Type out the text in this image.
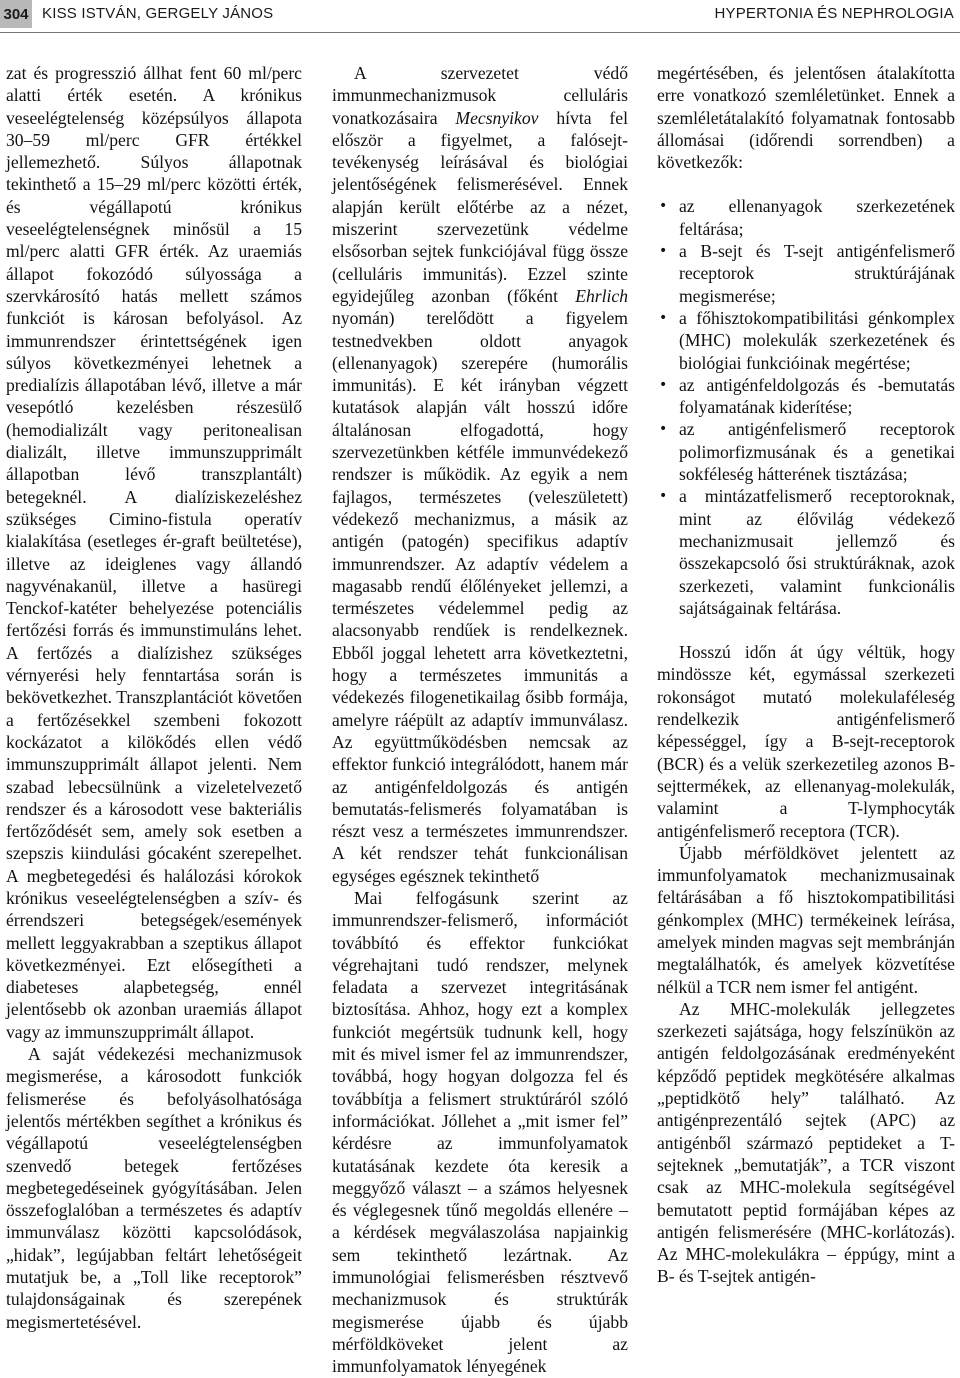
304 KISS ISTVÁN, GERGELY JÁNOS	HYPERTONIA ÉS NEPHROLOGIA

zat és progresszió állhat fent 60 ml/perc alatti érték esetén. A krónikus veseelégtelenség középsúlyos állapota 30–59 ml/perc GFR értékkel jellemezhető. Súlyos állapotnak tekinthető a 15–29 ml/perc közötti érték, és végállapotú krónikus veseelégtelenségnek minősül a 15 ml/perc alatti GFR érték. Az uraemiás állapot fokozódó súlyossága a szervkárosító hatás mellett számos funkciót is károsan befolyásol. Az immunrendszer érintettségének igen súlyos következményei lehetnek a predialízis állapotában lévő, illetve a már vesepótló kezelésben részesülő (hemodializált vagy peritonealisan dializált, illetve immunszupprimált állapotban lévő transzplantált) betegeknél. A dialíziskezeléshez szükséges Cimino-fistula operatív kialakítása (esetleges ér-graft beültetése), illetve az ideiglenes vagy állandó nagyvénakanül, illetve a hasüregi Tenckof-katéter behelyezése potenciális fertőzési forrás és immunstimuláns lehet. A fertőzés a dialízishez szükséges vérnyerési hely fenntartása során is bekövetkezhet. Transzplantációt követően a fertőzésekkel szembeni fokozott kockázatot a kilökődés ellen védő immunszupprimált állapot jelenti. Nem szabad lebecsülnünk a vizeletelvezető rendszer és a károsodott vese bakteriális fertőződését sem, amely sok esetben a szepszis kiindulási gócaként szerepelhet. A megbetegedési és halálozási kórokok krónikus veseelégtelenségben a szív- és érrendszeri betegségek/események mellett leggyakrabban a szeptikus állapot következményei. Ezt elősegítheti a diabeteses alapbetegség, ennél jelentősebb ok azonban uraemiás állapot vagy az immunszupprimált állapot.

A saját védekezési mechanizmusok megismerése, a károsodott funkciók felismerése és befolyásolhatósága jelentős mértékben segíthet a krónikus és végállapotú veseelégtelenségben szenvedő betegek fertőzéses megbetegedéseinek gyógyításában. Jelen összefoglalóban a természetes és adaptív immunválasz közötti kapcsolódások, „hidak”, legújabban feltárt lehetőségeit mutatjuk be, a „Toll like receptorok” tulajdonságainak és szerepének megismertetésével.

A szervezetet védő immunmechanizmusok celluláris vonatkozásaira Mecsnyikov hívta fel először a figyelmet, a falósejt-tevékenység leírásával és biológiai jelentőségének felismerésével. Ennek alapján került előtérbe az a nézet, miszerint szervezetünk védelme elsősorban sejtek funkciójával függ össze (celluláris immunitás). Ezzel szinte egyidejűleg azonban (főként Ehrlich nyomán) terelődött a figyelem testnedvekben oldott anyagok (ellenanyagok) szerepére (humorális immunitás). E két irányban végzett kutatások alapján vált hosszú időre általánosan elfogadottá, hogy szervezetünkben kétféle immunvédekező rendszer is működik. Az egyik a nem fajlagos, természetes (veleszületett) védekező mechanizmus, a másik az antigén (patogén) specifikus adaptív immunrendszer. Az adaptív védelem a magasabb rendű élőlényeket jellemzi, a természetes védelemmel pedig az alacsonyabb rendűek is rendelkeznek. Ebből joggal lehetett arra következtetni, hogy a természetes immunitás a védekezés filogenetikailag ősibb formája, amelyre ráépült az adaptív immunválasz. Az együttműködésben nemcsak az effektor funkció integrálódott, hanem már az antigénfeldolgozás és antigén bemutatás-felismerés folyamatában is részt vesz a természetes immunrendszer. A két rendszer tehát funkcionálisan egységes egésznek tekinthető

Mai felfogásunk szerint az immunrendszer-felismerő, információt továbbító és effektor funkciókat végrehajtani tudó rendszer, melynek feladata a szervezet integritásának biztosítása. Ahhoz, hogy ezt a komplex funkciót megértsük tudnunk kell, hogy mit és mivel ismer fel az immunrendszer, továbbá, hogy hogyan dolgozza fel és továbbítja a felismert struktúráról szóló információkat. Jóllehet a „mit ismer fel” kérdésre az immunfolyamatok kutatásának kezdete óta keresik a meggyőző választ – a számos helyesnek és véglegesnek tűnő megoldás ellenére – a kérdések megválaszolása napjainkig sem tekinthető lezártnak. Az immunológiai felismerésben résztvevő mechanizmusok és struktúrák megismerése újabb és újabb mérföldköveket jelent az immunfolyamatok lényegének

megértésében, és jelentősen átalakította erre vonatkozó szemléletünket. Ennek a szemléletátalakító folyamatnak fontosabb állomásai (időrendi sorrendben) a következők:

• az ellenanyagok szerkezetének feltárása;
• a B-sejt és T-sejt antigénfelismerő receptorok struktúrájának megismerése;
• a főhisztokompatibilitási génkomplex (MHC) molekulák szerkezetének és biológiai funkcióinak megértése;
• az antigénfeldolgozás és -bemutatás folyamatának kiderítése;
• az antigénfelismerő receptorok polimorfizmusának és a genetikai sokféleség hátterének tisztázása;
• a mintázatfelismerő receptoroknak, mint az élővilág védekező mechanizmusait jellemző és összekapcsoló ősi struktúráknak, azok szerkezeti, valamint funkcionális sajátságainak feltárása.

Hosszú időn át úgy véltük, hogy mindössze két, egymással szerkezeti rokonságot mutató molekulaféleség rendelkezik antigénfelismerő képességgel, így a B-sejt-receptorok (BCR) és a velük szerkezetileg azonos B-sejttermékek, az ellenanyag-molekulák, valamint a T-lymphocyták antigénfelismerő receptora (TCR).

Újabb mérföldkövet jelentett az immunfolyamatok mechanizmusainak feltárásában a fő hisztokompatibilitási génkomplex (MHC) termékeinek leírása, amelyek minden magvas sejt membránján megtalálhatók, és amelyek közvetítése nélkül a TCR nem ismer fel antigént.

Az MHC-molekulák jellegzetes szerkezeti sajátsága, hogy felszínükön az antigén feldolgozásának eredményeként képződő peptidek megkötésére alkalmas „peptidkötő hely” található. Az antigénprezentáló sejtek (APC) az antigénből származó peptideket a T-sejteknek „bemutatják”, a TCR viszont csak az MHC-molekula segítségével bemutatott peptid formájában képes az antigén felismerésére (MHC-korlátozás). Az MHC-molekulákra – éppúgy, mint a B- és T-sejtek antigén-
